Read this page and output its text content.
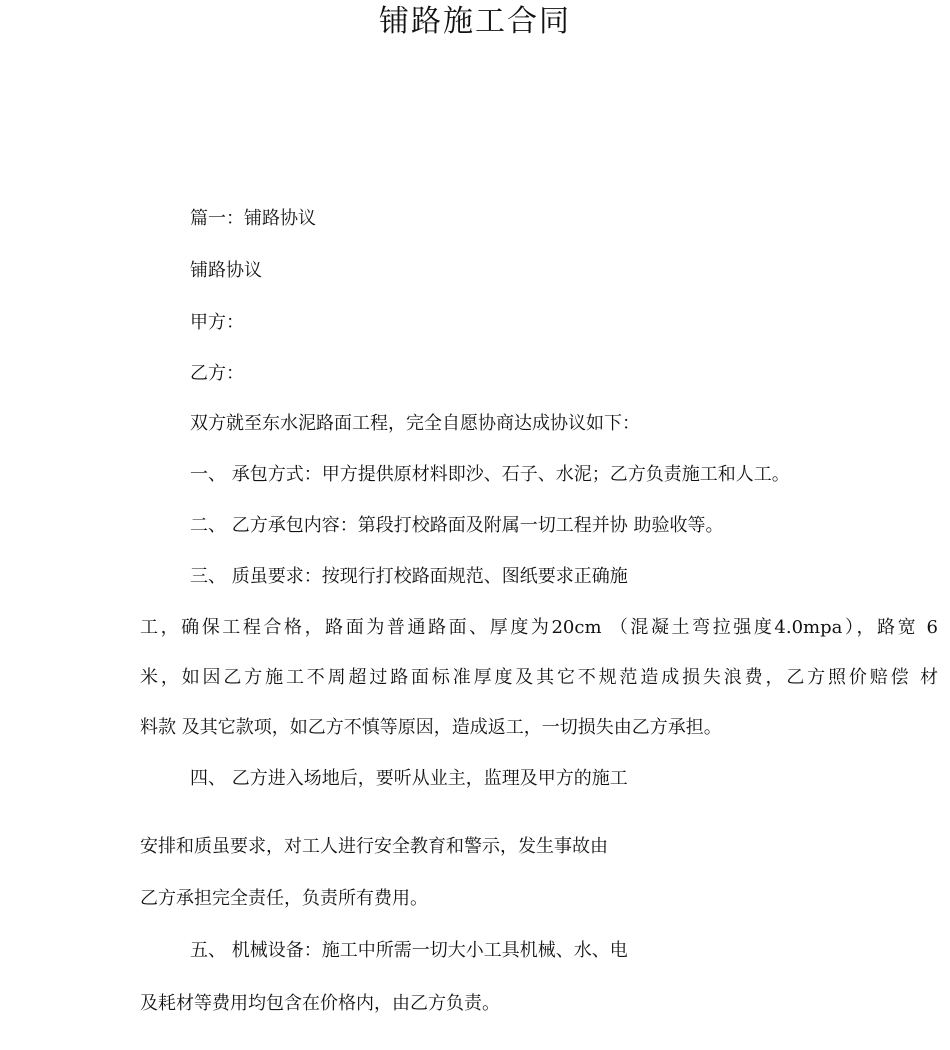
铺路施工合同

篇一：铺路协议

铺路协议

甲方：

乙方：

双方就至东水泥路面工程，完全自愿协商达成协议如下：

一、 承包方式：甲方提供原材料即沙、石子、水泥；乙方负责施工和人工。

二、 乙方承包内容：第段打校路面及附属一切工程并协 助验收等。

三、 质虽要求：按现行打校路面规范、图纸要求正确施

工，确保工程合格，路面为普通路面、厚度为20cm （混凝土弯拉强度4.0mpa），路宽 6

米，如因乙方施工不周超过路面标准厚度及其它不规范造成损失浪费，乙方照价赔偿 材

料款 及其它款项，如乙方不慎等原因，造成返工，一切损失由乙方承担。

四、 乙方进入场地后，要听从业主，监理及甲方的施工

安排和质虽要求，对工人进行安全教育和警示，发生事故由

乙方承担完全责任，负责所有费用。

五、 机械设备：施工中所需一切大小工具机械、水、电

及耗材等费用均包含在价格内，由乙方负责。
